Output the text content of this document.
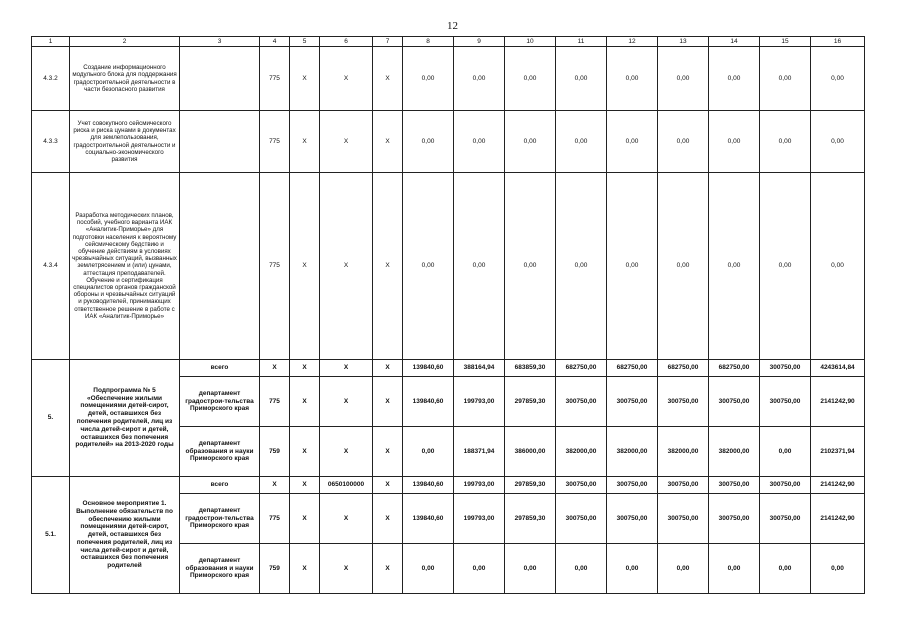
12
1	2	3	4	5	6	7	8	9	10	11	12	13	14	15	16
4.3.2	Создание информационного модульного блока для поддержания градостроительной деятельности в части безопасного развития		775	X	X	X	0,00	0,00	0,00	0,00	0,00	0,00	0,00	0,00	0,00
4.3.3	Учет совокупного сейсмического риска и риска цунами в документах для землепользования, градостроительной деятельности и социально-экономического развития		775	X	X	X	0,00	0,00	0,00	0,00	0,00	0,00	0,00	0,00	0,00
4.3.4	Разработка методических планов, пособий, учебного варианта ИАК «Аналитик-Приморье» для подготовки населения к вероятному сейсмическому бедствию и обучение действиям в условиях чрезвычайных ситуаций, вызванных землетрясением и (или) цунами, аттестация преподавателей. Обучение и сертификация специалистов органов гражданской обороны и чрезвычайных ситуаций и руководителей, принимающих ответственное решение в работе с ИАК «Аналитик-Приморье»		775	X	X	X	0,00	0,00	0,00	0,00	0,00	0,00	0,00	0,00	0,00
5.	Подпрограмма № 5 «Обеспечение жилыми помещениями детей-сирот, детей, оставшихся без попечения родителей, лиц из числа детей-сирот и детей, оставшихся без попечения родителей» на 2013-2020 годы	всего	X	X	X	X	139840,60	388164,94	683859,30	682750,00	682750,00	682750,00	682750,00	300750,00	4243614,84
		департамент градострои-тельства Приморского края	775	X	X	X	139840,60	199793,00	297859,30	300750,00	300750,00	300750,00	300750,00	300750,00	2141242,90
		департамент образования и науки Приморского края	759	X	X	X	0,00	188371,94	386000,00	382000,00	382000,00	382000,00	382000,00	0,00	2102371,94
5.1.	Основное мероприятие 1. Выполнение обязательств по обеспечению жилыми помещениями детей-сирот, детей, оставшихся без попечения родителей, лиц из числа детей-сирот и детей, оставшихся без попечения родителей	всего	X	X	0650100000	X	139840,60	199793,00	297859,30	300750,00	300750,00	300750,00	300750,00	300750,00	2141242,90
		департамент градострои-тельства Приморского края	775	X	X	X	139840,60	199793,00	297859,30	300750,00	300750,00	300750,00	300750,00	300750,00	2141242,90
		департамент образования и науки Приморского края	759	X	X	X	0,00	0,00	0,00	0,00	0,00	0,00	0,00	0,00	0,00
